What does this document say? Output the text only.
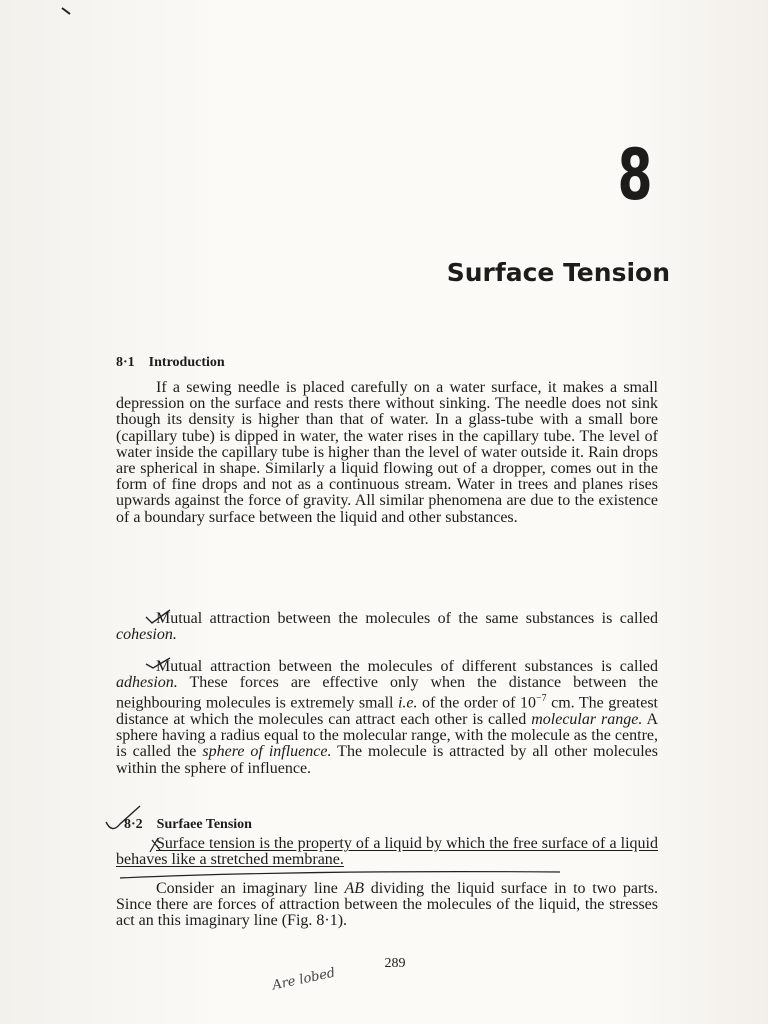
8
Surface Tension
8·1 Introduction

If a sewing needle is placed carefully on a water surface, it makes a small depression on the surface and rests there without sinking. The needle does not sink though its density is higher than that of water. In a glass-tube with a small bore (capillary tube) is dipped in water, the water rises in the capillary tube. The level of water inside the capillary tube is higher than the level of water outside it. Rain drops are spherical in shape. Similarly a liquid flowing out of a dropper, comes out in the form of fine drops and not as a continuous stream. Water in trees and planes rises upwards against the force of gravity. All similar phenomena are due to the existence of a boundary surface between the liquid and other substances.

Mutual attraction between the molecules of the same substances is called cohesion.

Mutual attraction between the molecules of different substances is called adhesion. These forces are effective only when the distance between the neighbouring molecules is extremely small i.e. of the order of $10^{-7}$ cm. The greatest distance at which the molecules can attract each other is called molecular range. A sphere having a radius equal to the molecular range, with the molecule as the centre, is called the sphere of influence. The molecule is attracted by all other molecules within the sphere of influence.

8·2 Surfaee Tension

Surface tension is the property of a liquid by which the free surface of a liquid behaves like a stretched membrane.

Consider an imaginary line AB dividing the liquid surface in to two parts. Since there are forces of attraction between the molecules of the liquid, the stresses act an this imaginary line (Fig. 8·1).

289
Are lobed
